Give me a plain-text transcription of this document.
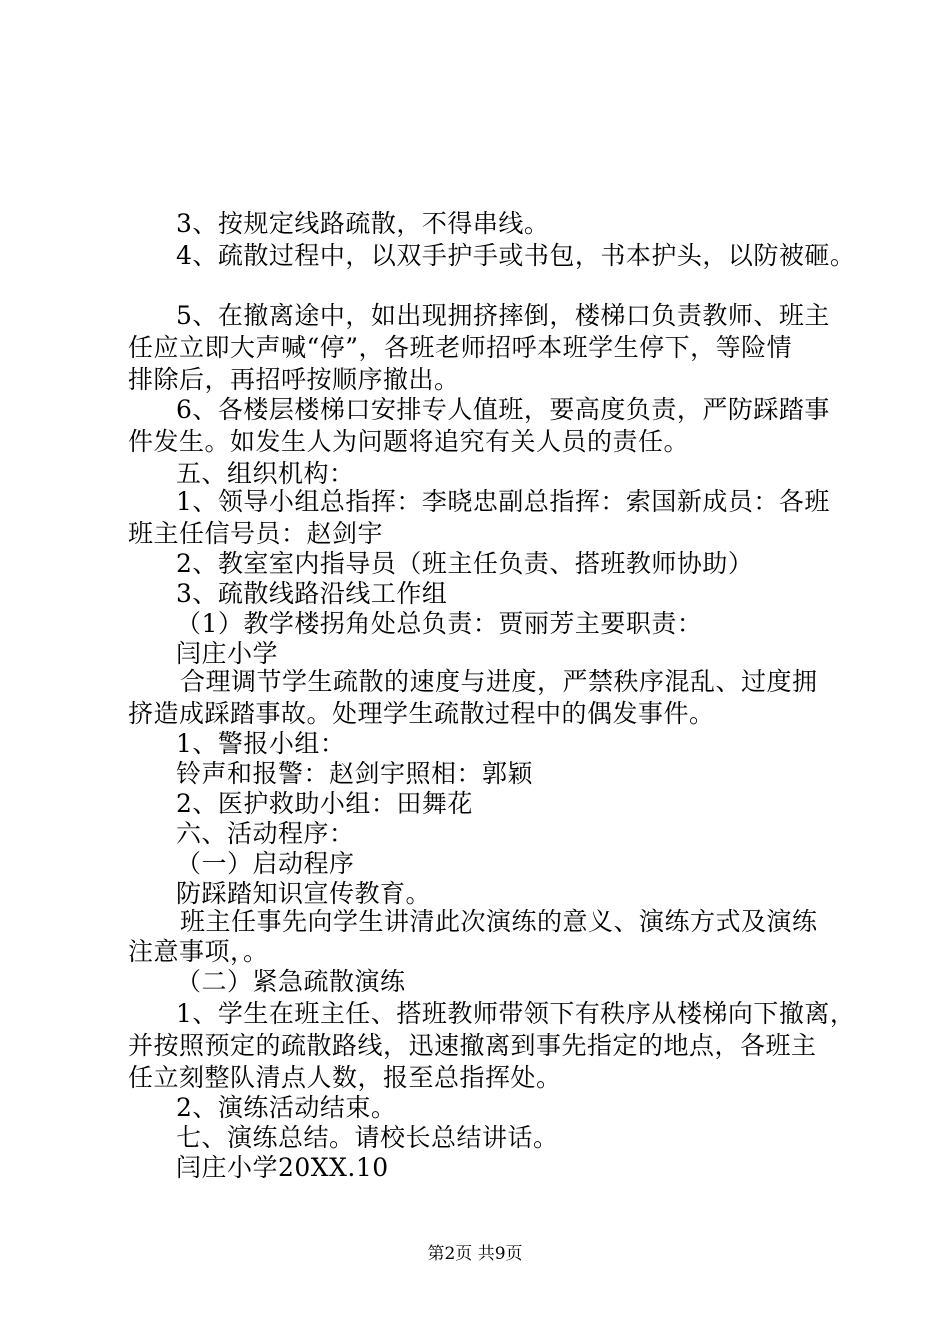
3、按规定线路疏散，不得串线。
4、疏散过程中，以双手护手或书包，书本护头，以防被砸。
5、在撤离途中，如出现拥挤摔倒，楼梯口负责教师、班主
任应立即大声喊“停”，各班老师招呼本班学生停下，等险情
排除后，再招呼按顺序撤出。
6、各楼层楼梯口安排专人值班，要高度负责，严防踩踏事
件发生。如发生人为问题将追究有关人员的责任。
五、组织机构：
1、领导小组总指挥：李晓忠副总指挥：索国新成员：各班
班主任信号员：赵剑宇
2、教室室内指导员（班主任负责、搭班教师协助）
3、疏散线路沿线工作组
（1）教学楼拐角处总负责：贾丽芳主要职责：
闫庄小学
合理调节学生疏散的速度与进度，严禁秩序混乱、过度拥
挤造成踩踏事故。处理学生疏散过程中的偶发事件。
1、警报小组：
铃声和报警：赵剑宇照相：郭颖
2、医护救助小组：田舞花
六、活动程序：
（一）启动程序
防踩踏知识宣传教育。
班主任事先向学生讲清此次演练的意义、演练方式及演练
注意事项，。
（二）紧急疏散演练
1、学生在班主任、搭班教师带领下有秩序从楼梯向下撤离，
并按照预定的疏散路线，迅速撤离到事先指定的地点，各班主
任立刻整队清点人数，报至总指挥处。
2、演练活动结束。
七、演练总结。请校长总结讲话。
闫庄小学20XX.10
第2页 共9页
